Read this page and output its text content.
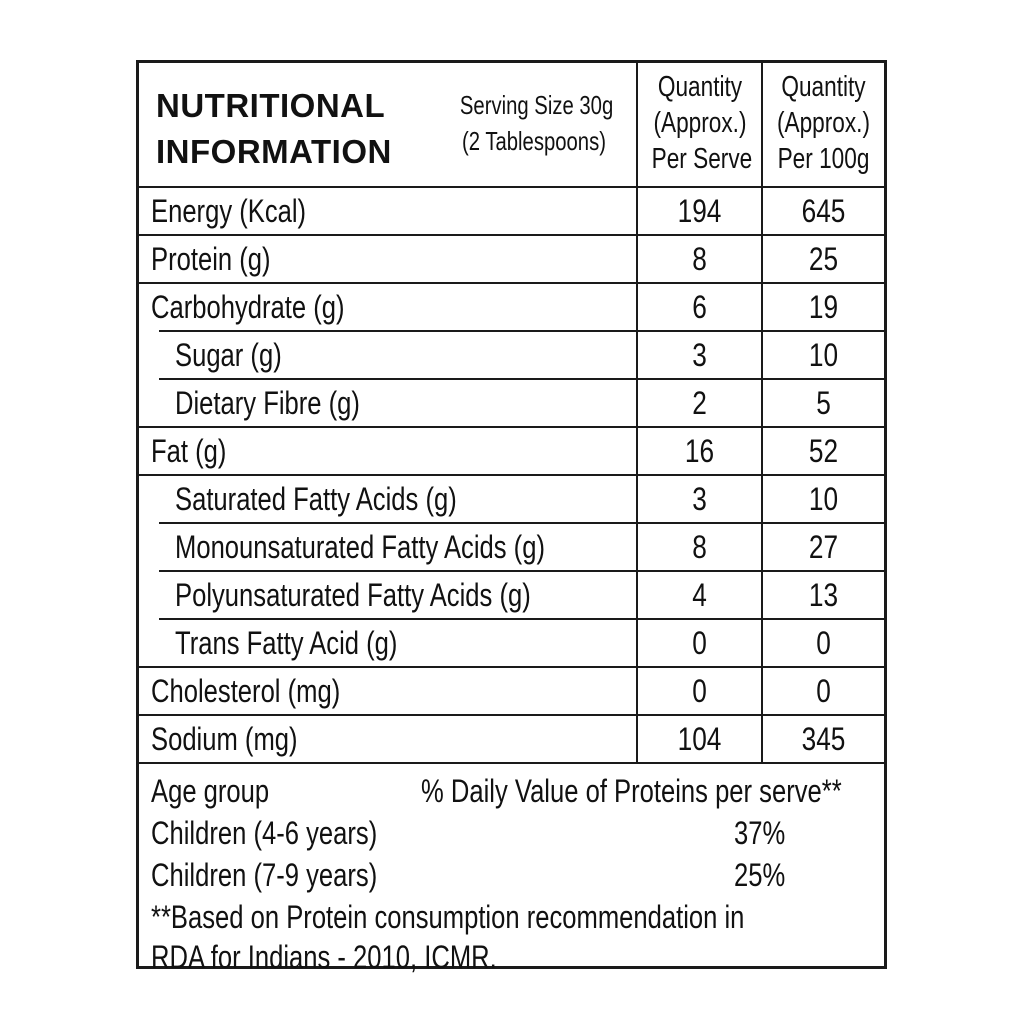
NUTRITIONAL
INFORMATION
Serving Size 30g
(2 Tablespoons)
Quantity
(Approx.)
Per Serve
Quantity
(Approx.)
Per 100g
Energy (Kcal)	194	645
Protein (g)	8	25
Carbohydrate (g)	6	19
Sugar (g)	3	10
Dietary Fibre (g)	2	5
Fat (g)	16	52
Saturated Fatty Acids (g)	3	10
Monounsaturated Fatty Acids (g)	8	27
Polyunsaturated Fatty Acids (g)	4	13
Trans Fatty Acid (g)	0	0
Cholesterol (mg)	0	0
Sodium (mg)	104	345
Age group	% Daily Value of Proteins per serve**
Children (4-6 years)	37%
Children (7-9 years)	25%
**Based on Protein consumption recommendation in
RDA for Indians - 2010, ICMR.
